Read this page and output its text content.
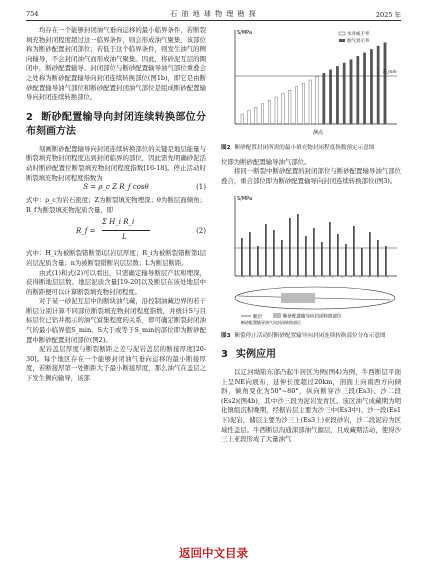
754	石 油 地 球 物 理 勘 探	2025 年

均存在一个能够封闭油气垂向运移的最小临界条件，若断裂填充物封闭程度超过这一临界条件，则会形成油气聚集，该部位称为断砂配置封闭部位；若低于这个临界条件，则发生油气的侧向输导，不会封闭油气而形成油气聚集。因此，将砂泥互层的圈闭中，断砂配置输导、封闭部位与断砂配置输导油气部位重叠会之处称为断砂配置输导向封闭连续转换部位(图1b)，即它是由断砂配置输导油气部位和断砂配置封闭油气部位是组成断砂配置输导向封闭连续转换部位。

2 断砂配置输导向封闭连续转换部位分布刻画方法

刻画断砂配置输导向封闭连续转换部位的关键是地层能量与断裂填充物封闭程度达到封闭临界的部位，因此需先明确砂泥活动时断砂配置位断裂填充物封闭程度指数[16-18]。停止活动时断裂填充物封闭程度指数为

S = ρ_c Z R_f cosθ	(1)

式中：ρ_c为岩石密度；Z为断裂填充物埋深；θ为断层面倾角；R_f为断裂填充物泥质含量，即

R_f =
Σ H_i R_i
L
(2)

式中：H_i为被断裂错断第i层岩层厚度；R_i为被断裂错断第i层岩层泥质含量；n为被断裂错断岩层层数；L为断层断距。

由式(1)和式(2)可以看出，只需确定输导断层产状和埋深，获得断地层层数、地层泥质含量[19-20]以及断层在该处地层中的断距便可以计算断裂填充物封闭程度。

对于某一砂泥互层中的断块油气藏，沿控制油藏边界的若干断层分别计算不同部位断裂填充物封闭程度指数，并统计S与目标层位已钻井揭示的油气富集程度的关系，即可确定断裂封闭油气的最小临界值S_min。S大于或等于S_min的部位即为断砂配置中断砂配置封闭部位(图2)。

泥岩盖层厚度与断裂断距之差与泥岩盖层的断接厚度[20-30]。每个地区存在一个能够封闭油气垂向运移的最小断接厚度，若断接厚第一处断距大于最小断接厚度，那么油气在盖层之下发生侧向输导，该部

S/MPa	水井或干井
油气显示井
S_min
测点
图2 断砂配置封闭所需的最小填充物封闭程度指数预定示意图

位即为断砂配置输导油气部位。

将同一断裂中断砂配置的封闭部位与断砂配置输导油气部位叠合，重合部位即为断砂配置输导向封闭连续转换部位(图3)。

S/MPa
断层	断砂配置输导向封闭转换部位
断砂配置输导油气向封闭转换部位
图3 断裂停止活动时断砂配置输导向封闭连续转换部位分布示意图
3 实例应用

以辽河坳陷东部凸起牛居区为例(图4)为例，牛西断层平面上呈NE向展布，延伸长度超过20km，剖面上向南西方向倾斜，倾角变化为50°~80°，纵向断穿沙三段(Es3)、沙二段(Es2)(图4b)，其中沙三段为泥岩发育区。该区油气成藏期为明化镇组沉积晚期，经据岩层主要为沙三中(Es3中)、沙一段(Es1下)泥岩，储层主要为沙三上(Es3上)亚段砂岩，沙二段泥岩为区域性盖层。牛西断层沟通深部油气源层，且成藏期活动，使得沙三上亚段形成了大量油气

返回中文目录
